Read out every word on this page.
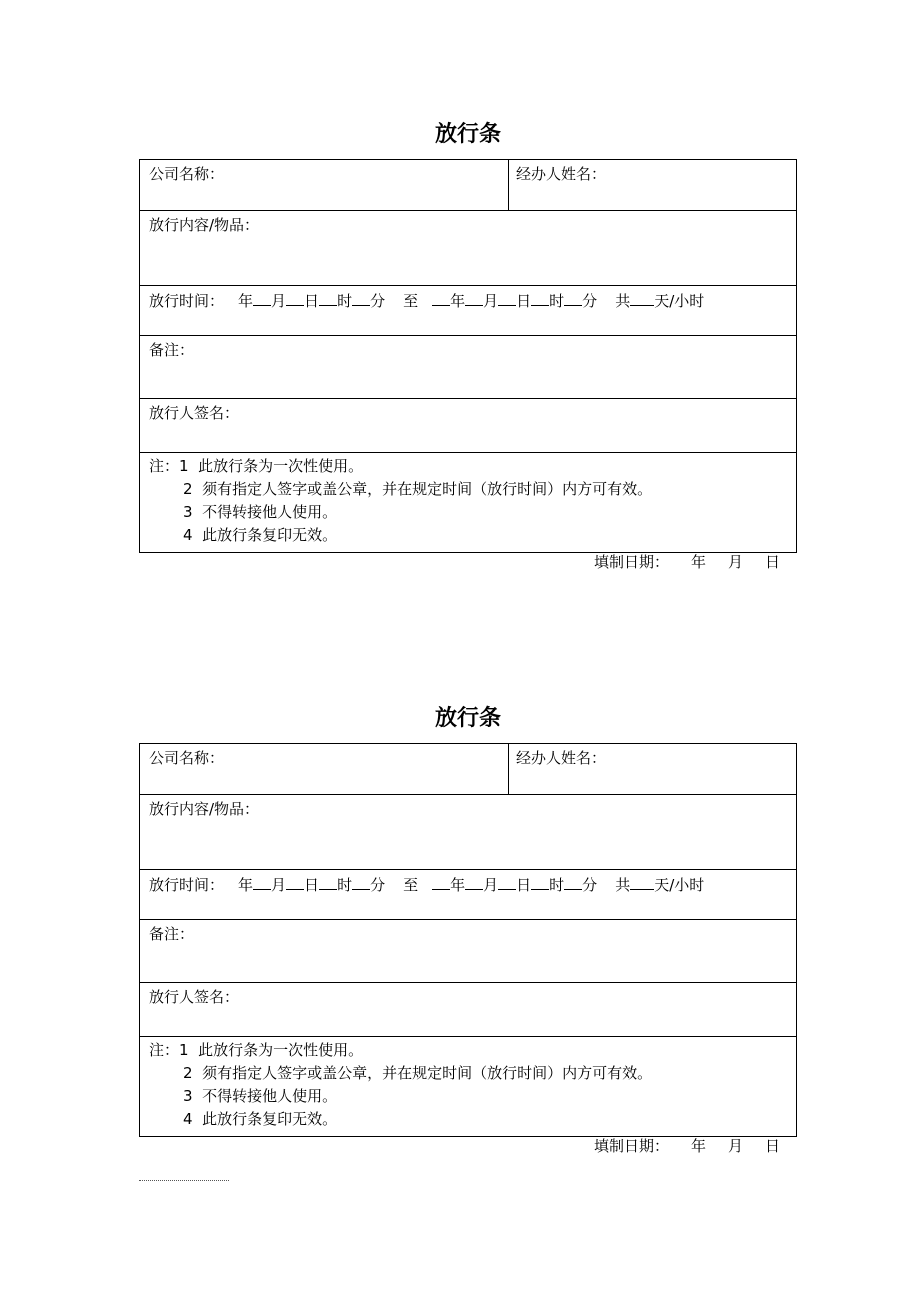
放行条
公司名称：	经办人姓名：
放行内容/物品：
放行时间： 年 月 日 时 分 至 年 月 日 时 分 共 天/小时
备注：
放行人签名：
注：1 此放行条为一次性使用。
2 须有指定人签字或盖公章，并在规定时间（放行时间）内方可有效。
3 不得转接他人使用。
4 此放行条复印无效。
填制日期： 年 月 日
放行条
公司名称：	经办人姓名：
放行内容/物品：
放行时间： 年 月 日 时 分 至 年 月 日 时 分 共 天/小时
备注：
放行人签名：
注：1 此放行条为一次性使用。
2 须有指定人签字或盖公章，并在规定时间（放行时间）内方可有效。
3 不得转接他人使用。
4 此放行条复印无效。
填制日期： 年 月 日
